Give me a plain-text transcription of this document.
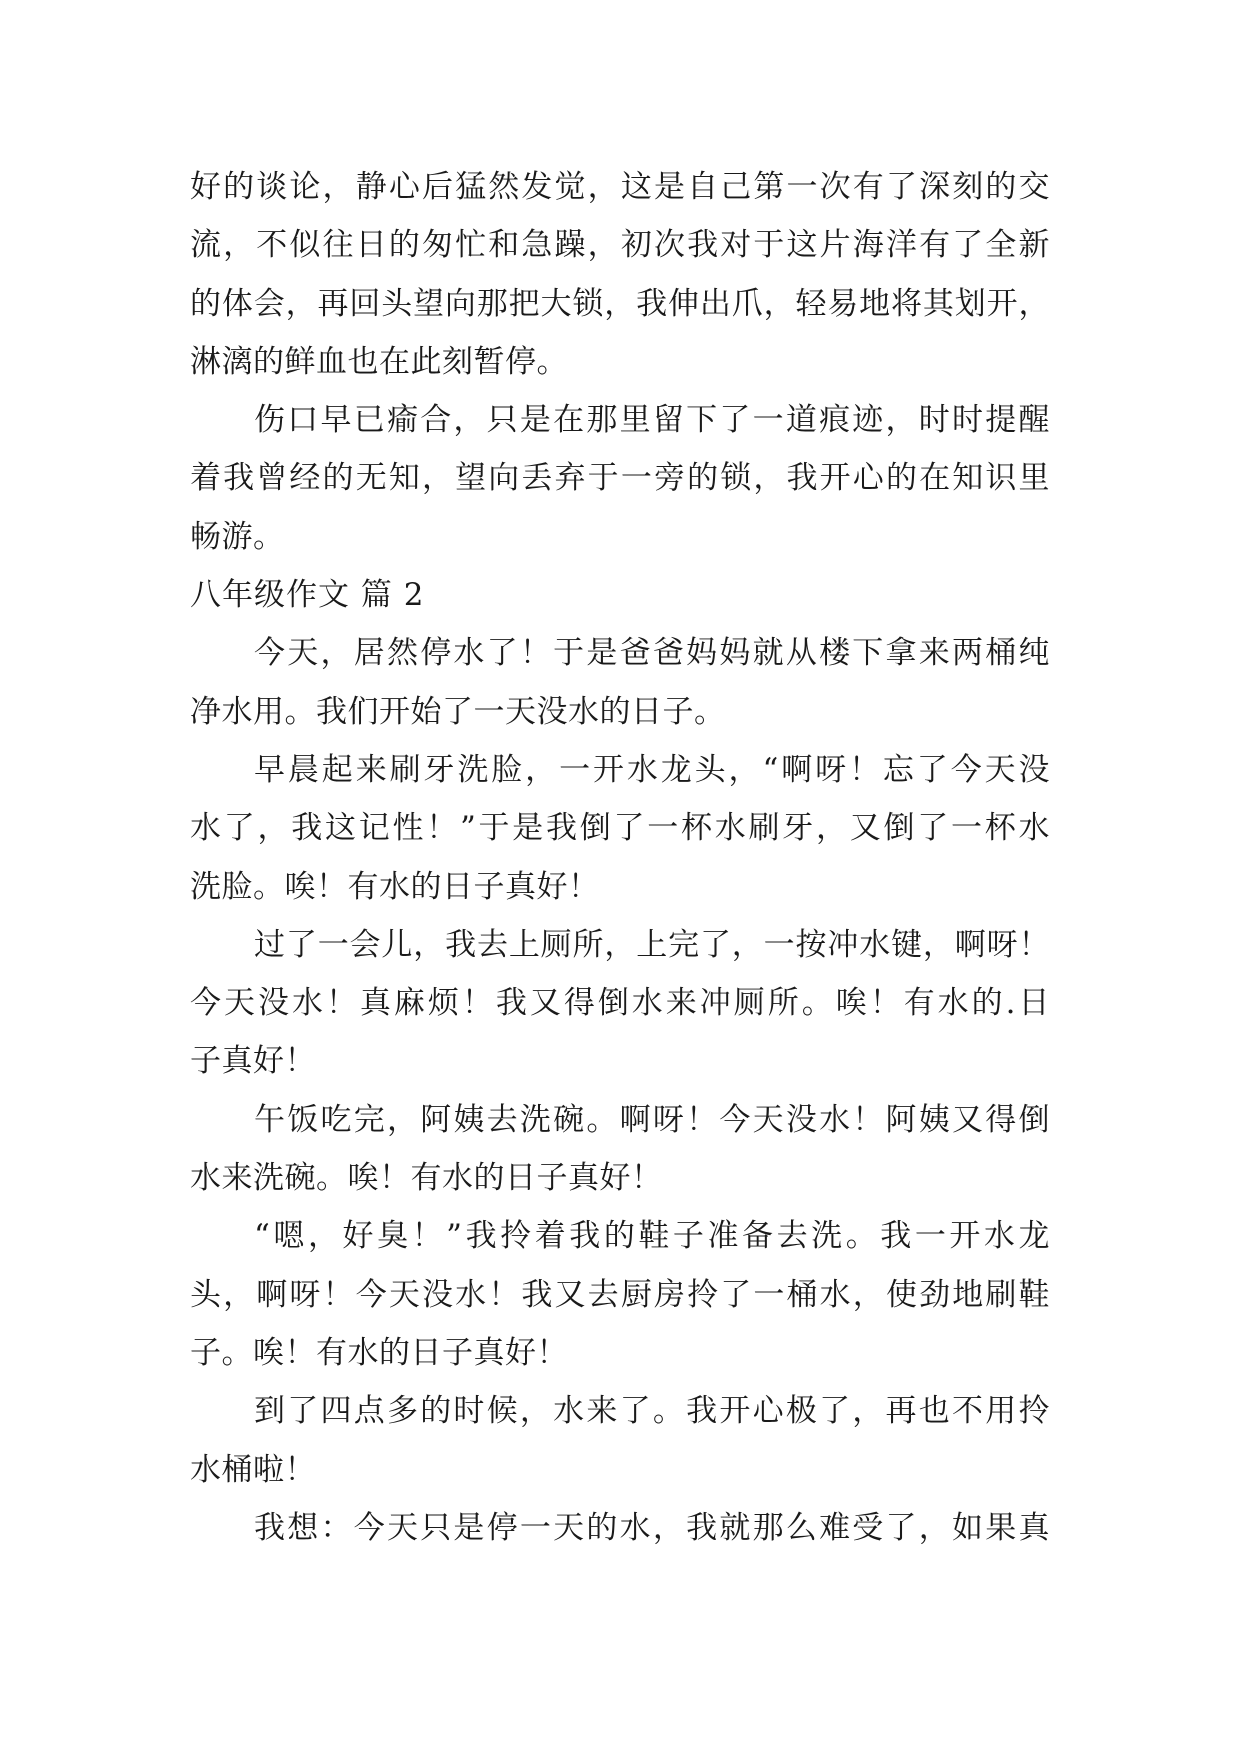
好的谈论，静心后猛然发觉，这是自己第一次有了深刻的交
流，不似往日的匆忙和急躁，初次我对于这片海洋有了全新
的体会，再回头望向那把大锁，我伸出爪，轻易地将其划开，
淋漓的鲜血也在此刻暂停。
伤口早已瘉合，只是在那里留下了一道痕迹，时时提醒
着我曾经的无知，望向丢弃于一旁的锁，我开心的在知识里
畅游。
八年级作文 篇 2
今天，居然停水了！于是爸爸妈妈就从楼下拿来两桶纯
净水用。我们开始了一天没水的日子。
早晨起来刷牙洗脸，一开水龙头，“啊呀！忘了今天没
水了，我这记性！”于是我倒了一杯水刷牙，又倒了一杯水
洗脸。唉！有水的日子真好！
过了一会儿，我去上厕所，上完了，一按冲水键，啊呀！
今天没水！真麻烦！我又得倒水来冲厕所。唉！有水的.日
子真好！
午饭吃完，阿姨去洗碗。啊呀！今天没水！阿姨又得倒
水来洗碗。唉！有水的日子真好！
“嗯，好臭！”我拎着我的鞋子准备去洗。我一开水龙
头，啊呀！今天没水！我又去厨房拎了一桶水，使劲地刷鞋
子。唉！有水的日子真好！
到了四点多的时候，水来了。我开心极了，再也不用拎
水桶啦！
我想：今天只是停一天的水，我就那么难受了，如果真
